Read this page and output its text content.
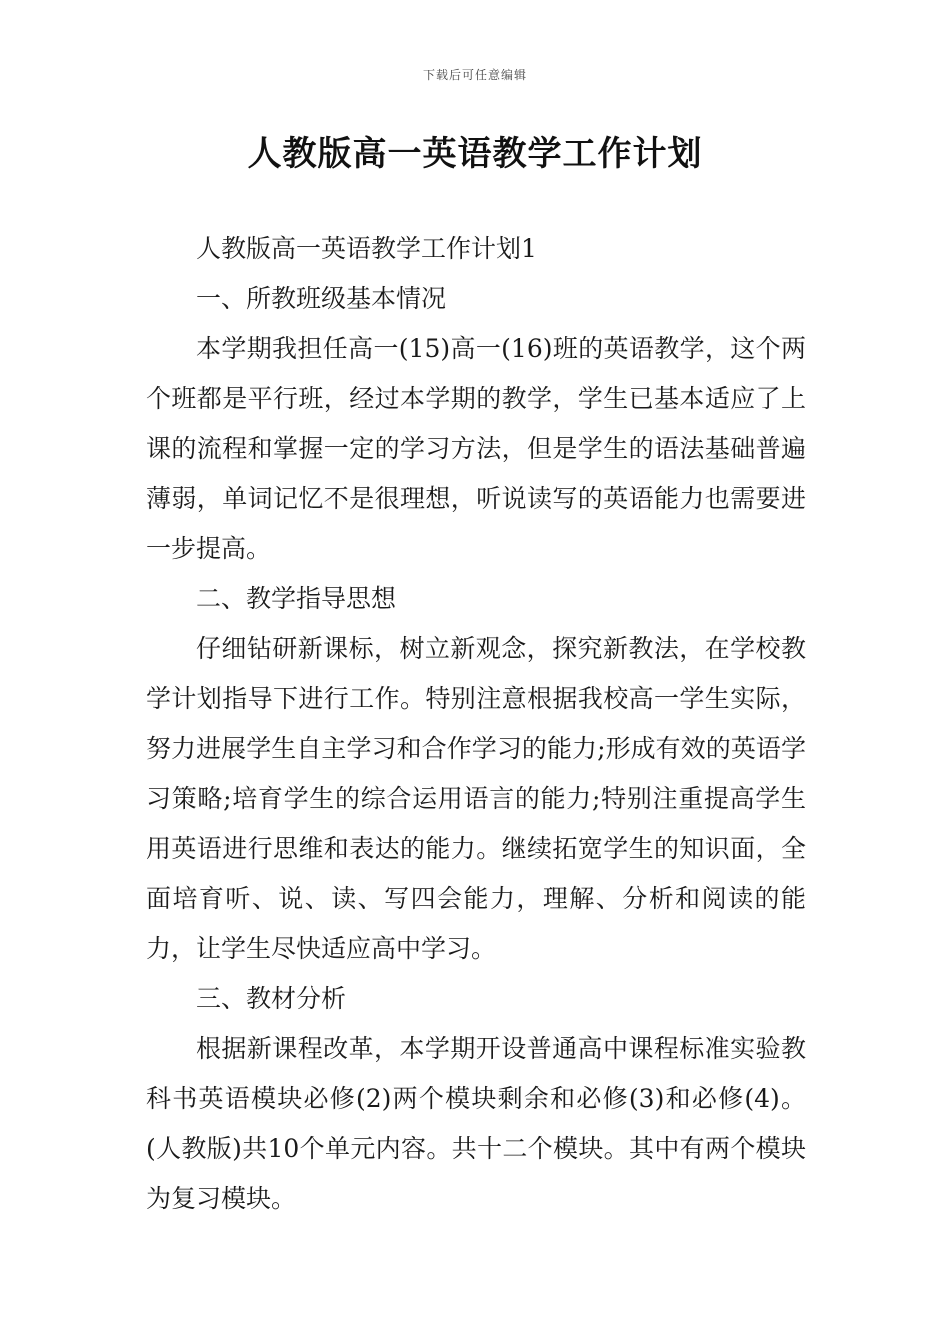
下载后可任意编辑
人教版高一英语教学工作计划

人教版高一英语教学工作计划1

一、所教班级基本情况

本学期我担任高一(15)高一(16)班的英语教学，这个两个班都是平行班，经过本学期的教学，学生已基本适应了上课的流程和掌握一定的学习方法，但是学生的语法基础普遍薄弱，单词记忆不是很理想，听说读写的英语能力也需要进一步提高。

二、教学指导思想

仔细钻研新课标，树立新观念，探究新教法，在学校教学计划指导下进行工作。特别注意根据我校高一学生实际，努力进展学生自主学习和合作学习的能力;形成有效的英语学习策略;培育学生的综合运用语言的能力;特别注重提高学生用英语进行思维和表达的能力。继续拓宽学生的知识面，全面培育听、说、读、写四会能力，理解、分析和阅读的能力，让学生尽快适应高中学习。

三、教材分析

根据新课程改革，本学期开设普通高中课程标准实验教科书英语模块必修(2)两个模块剩余和必修(3)和必修(4)。(人教版)共10个单元内容。共十二个模块。其中有两个模块为复习模块。
